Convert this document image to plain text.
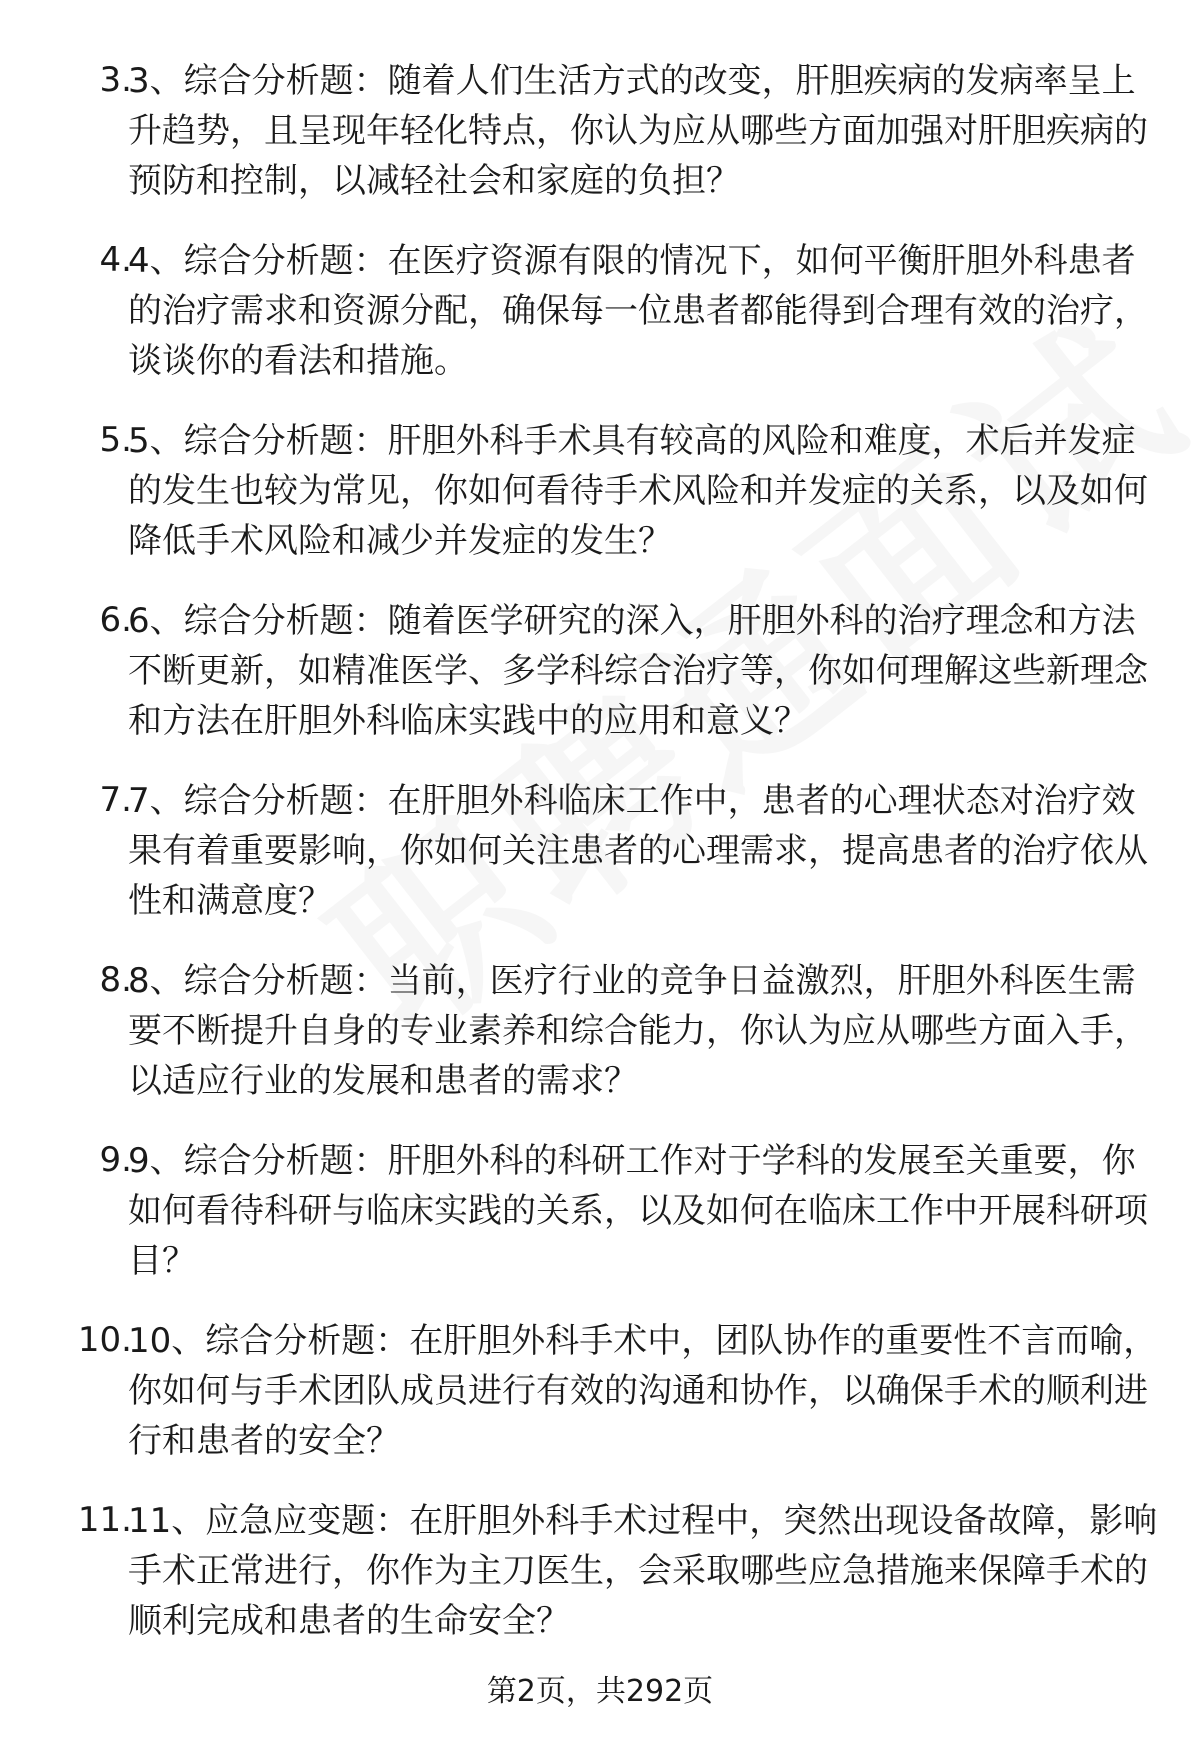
3.

3、综合分析题：随着人们生活方式的改变，肝胆疾病的发病率呈上升趋势，且呈现年轻化特点，你认为应从哪些方面加强对肝胆疾病的预防和控制，以减轻社会和家庭的负担？

4.

4、综合分析题：在医疗资源有限的情况下，如何平衡肝胆外科患者的治疗需求和资源分配，确保每一位患者都能得到合理有效的治疗，谈谈你的看法和措施。

5.

5、综合分析题：肝胆外科手术具有较高的风险和难度，术后并发症的发生也较为常见，你如何看待手术风险和并发症的关系，以及如何降低手术风险和减少并发症的发生？

6.

6、综合分析题：随着医学研究的深入，肝胆外科的治疗理念和方法不断更新，如精准医学、多学科综合治疗等，你如何理解这些新理念和方法在肝胆外科临床实践中的应用和意义？

7.

7、综合分析题：在肝胆外科临床工作中，患者的心理状态对治疗效果有着重要影响，你如何关注患者的心理需求，提高患者的治疗依从性和满意度？

8.

8、综合分析题：当前，医疗行业的竞争日益激烈，肝胆外科医生需要不断提升自身的专业素养和综合能力，你认为应从哪些方面入手，以适应行业的发展和患者的需求？

9.

9、综合分析题：肝胆外科的科研工作对于学科的发展至关重要，你如何看待科研与临床实践的关系，以及如何在临床工作中开展科研项目？

10.

10、综合分析题：在肝胆外科手术中，团队协作的重要性不言而喻，你如何与手术团队成员进行有效的沟通和协作，以确保手术的顺利进行和患者的安全？

11.

11、应急应变题：在肝胆外科手术过程中，突然出现设备故障，影响手术正常进行，你作为主刀医生，会采取哪些应急措施来保障手术的顺利完成和患者的生命安全？

第2页，共292页
